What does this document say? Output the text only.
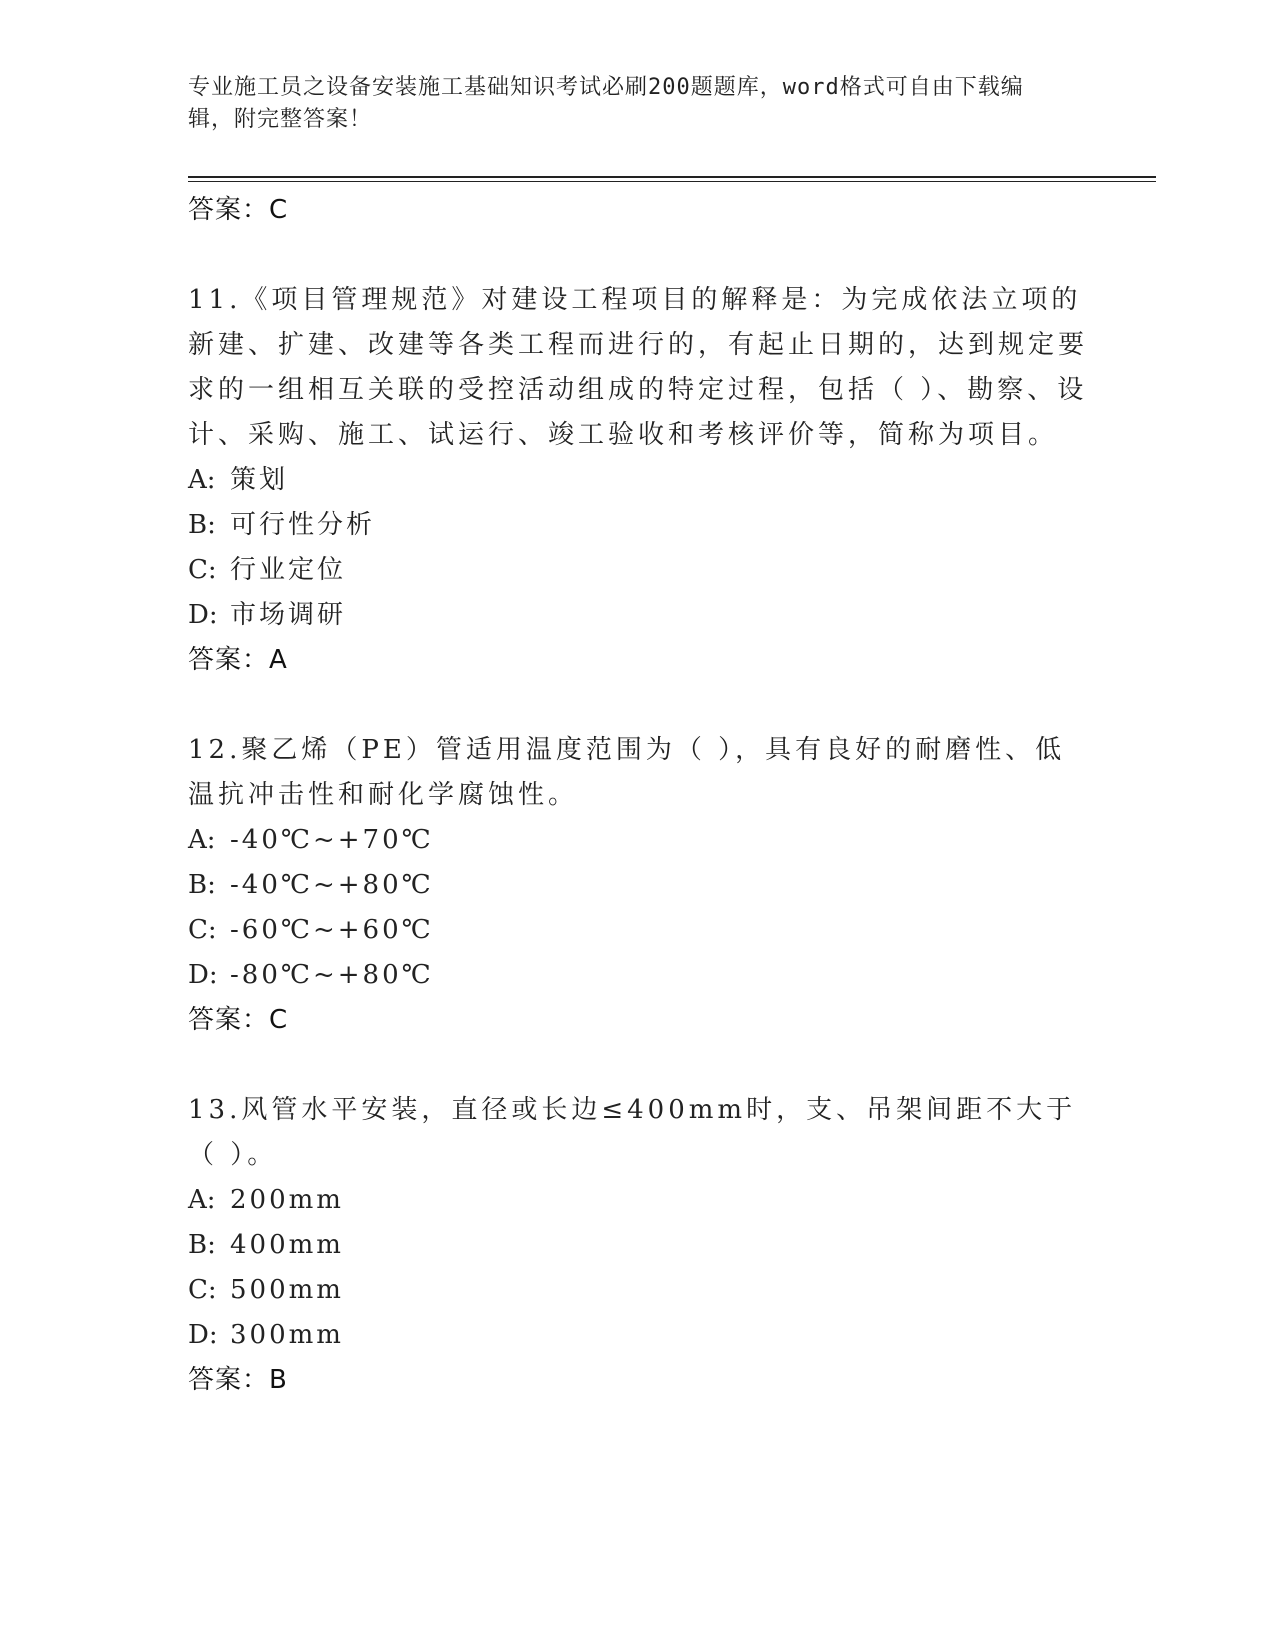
专业施工员之设备安装施工基础知识考试必刷200题题库，word格式可自由下载编辑，附完整答案！

答案：C

11.《项目管理规范》对建设工程项目的解释是：为完成依法立项的新建、扩建、改建等各类工程而进行的，有起止日期的，达到规定要求的一组相互关联的受控活动组成的特定过程，包括（ ）、勘察、设计、采购、施工、试运行、竣工验收和考核评价等，简称为项目。

A: 策划
B: 可行性分析
C: 行业定位
D: 市场调研

答案：A

12.聚乙烯（PE）管适用温度范围为（ ），具有良好的耐磨性、低温抗冲击性和耐化学腐蚀性。

A: -40℃~+70℃
B: -40℃~+80℃
C: -60℃~+60℃
D: -80℃~+80℃

答案：C

13.风管水平安装，直径或长边≤400mm时，支、吊架间距不大于（ ）。

A: 200mm
B: 400mm
C: 500mm
D: 300mm

答案：B
